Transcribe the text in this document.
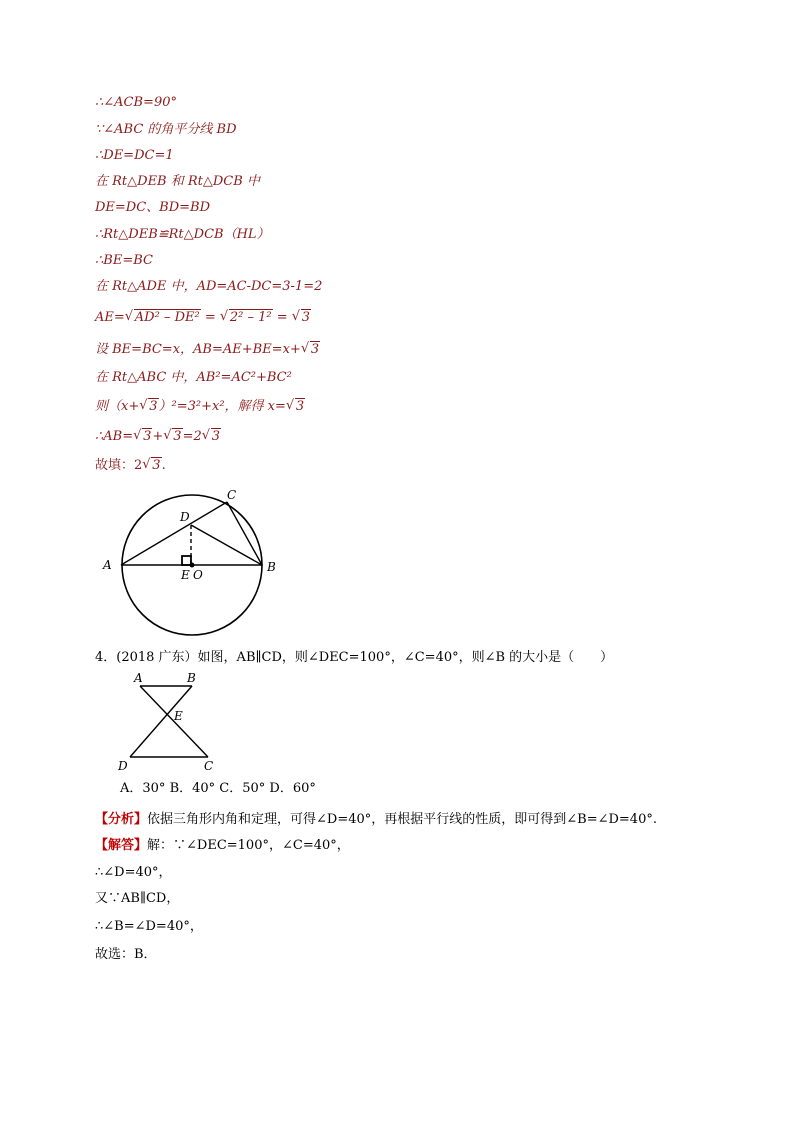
∴∠ACB=90°
∵∠ABC 的角平分线 BD
∴DE=DC=1
在 Rt△DEB 和 Rt△DCB 中
DE=DC、BD=BD
∴Rt△DEB≌Rt△DCB（HL）
∴BE=BC
在 Rt△ADE 中，AD=AC-DC=3-1=2
AE= √ AD² – DE² = √ 2² – 1² = √ 3
设 BE=BC=x，AB=AE+BE=x+ √ 3
在 Rt△ABC 中，AB²=AC²+BC²
则（x+ √ 3）²=3²+x²，解得 x= √ 3
∴AB= √ 3+ √ 3=2 √ 3
故填：2 √ 3.
A	B
C
D
E O
4．(2018 广东）如图，AB∥CD，则∠DEC=100°，∠C=40°，则∠B 的大小是（　　）
A	B
E
D	C
A．30° B．40° C．50° D．60°
【分析】依据三角形内角和定理，可得∠D=40°，再根据平行线的性质，即可得到∠B=∠D=40°.
【解答】解：∵∠DEC=100°，∠C=40°，
∴∠D=40°，
又∵AB∥CD，
∴∠B=∠D=40°，
故选：B．
